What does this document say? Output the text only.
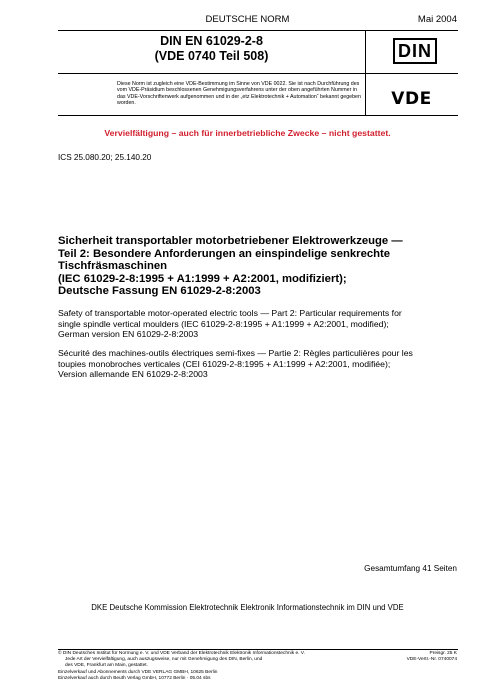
DEUTSCHE NORM	Mai 2004
DIN EN 61029-2-8
(VDE 0740 Teil 508)
Diese Norm ist zugleich eine VDE-Bestimmung im Sinne von VDE 0022. Sie ist nach Durchführung des vom VDE-Präsidium beschlossenen Genehmigungsverfahrens unter der oben angeführten Nummer in das VDE-Vorschriftenwerk aufgenommen und in der „etz Elektrotechnik + Automation“ bekannt gegeben worden.
DIN
VDE
Vervielfältigung – auch für innerbetriebliche Zwecke – nicht gestattet.
ICS 25.080.20; 25.140.20
Sicherheit transportabler motorbetriebener Elektrowerkzeuge —
Teil 2: Besondere Anforderungen an einspindelige senkrechte
Tischfräsmaschinen
(IEC 61029-2-8:1995 + A1:1999 + A2:2001, modifiziert);
Deutsche Fassung EN 61029-2-8:2003
Safety of transportable motor-operated electric tools — Part 2: Particular requirements for
single spindle vertical moulders (IEC 61029-2-8:1995 + A1:1999 + A2:2001, modified);
German version EN 61029-2-8:2003
Sécurité des machines-outils électriques semi-fixes — Partie 2: Règles particulières pour les
toupies monobroches verticales (CEI 61029-2-8:1995 + A1:1999 + A2:2001, modifiée);
Version allemande EN 61029-2-8:2003
Gesamtumfang 41 Seiten
DKE Deutsche Kommission Elektrotechnik Elektronik Informationstechnik im DIN und VDE
© DIN Deutsches Institut für Normung e. V. und VDE Verband der Elektrotechnik Elektronik Informationstechnik e. V.
Jede Art der Vervielfältigung, auch auszugsweise, nur mit Genehmigung des DIN, Berlin, und
des VDE, Frankfurt am Main, gestattet.
Einzelverkauf und Abonnements durch VDE VERLAG GMBH, 10625 Berlin
Einzelverkauf auch durch Beuth Verlag GmbH, 10772 Berlin · 05.04 sbs
Preisgr. 25 K
VDE-Vertr.-Nr. 0740074
